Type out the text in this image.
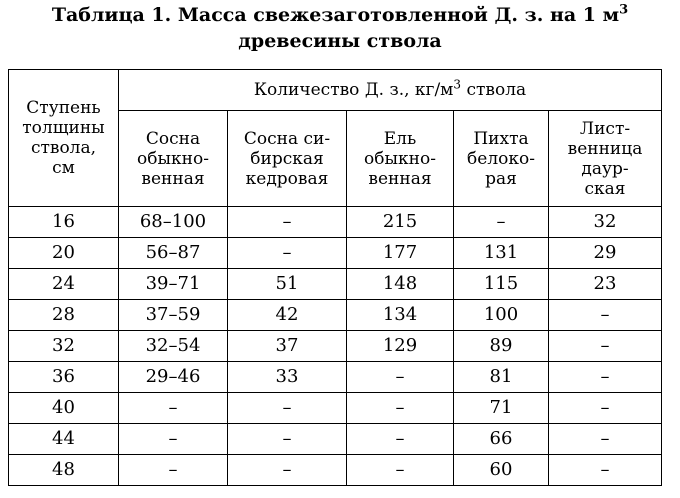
Таблица 1. Масса свежезаготовленной Д. з. на 1 $м^3$
древесины ствола
Ступень
толщины
ствола,
см	Количество Д. з., $кг/м^3$ ствола				
	Сосна
обыкно-
венная	Сосна си-
бирская
кедровая	Ель
обыкно-
венная	Пихта
белоко-
рая	Лист-
венница
даур-
ская
16	68–100	–	215	–	32
20	56–87	–	177	131	29
24	39–71	51	148	115	23
28	37–59	42	134	100	–
32	32–54	37	129	89	–
36	29–46	33	–	81	–
40	–	–	–	71	–
44	–	–	–	66	–
48	–	–	–	60	–
